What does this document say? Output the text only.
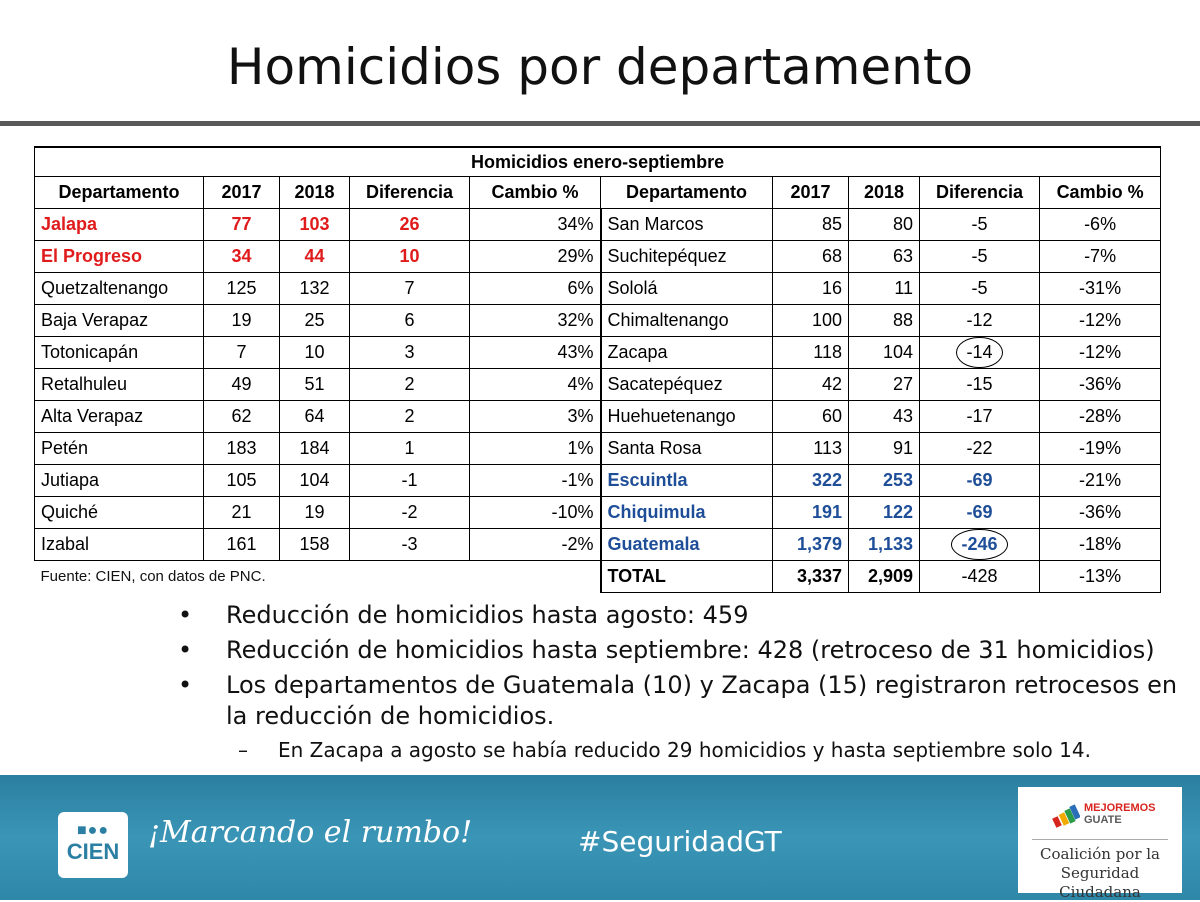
Homicidios por departamento
Homicidios enero-septiembre									
Departamento	2017	2018	Diferencia	Cambio %	Departamento	2017	2018	Diferencia	Cambio %
Jalapa	77	103	26	34%	San Marcos	85	80	-5	-6%
El Progreso	34	44	10	29%	Suchitepéquez	68	63	-5	-7%
Quetzaltenango	125	132	7	6%	Sololá	16	11	-5	-31%
Baja Verapaz	19	25	6	32%	Chimaltenango	100	88	-12	-12%
Totonicapán	7	10	3	43%	Zacapa	118	104	-14	-12%
Retalhuleu	49	51	2	4%	Sacatepéquez	42	27	-15	-36%
Alta Verapaz	62	64	2	3%	Huehuetenango	60	43	-17	-28%
Petén	183	184	1	1%	Santa Rosa	113	91	-22	-19%
Jutiapa	105	104	-1	-1%	Escuintla	322	253	-69	-21%
Quiché	21	19	-2	-10%	Chiquimula	191	122	-69	-36%
Izabal	161	158	-3	-2%	Guatemala	1,379	1,133	-246	-18%
Fuente: CIEN, con datos de PNC.					TOTAL	3,337	2,909	-428	-13%
• Reducción de homicidios hasta agosto: 459
• Reducción de homicidios hasta septiembre: 428 (retroceso de 31 homicidios)
• Los departamentos de Guatemala (10) y Zacapa (15) registraron retrocesos en la reducción de homicidios.
– En Zacapa a agosto se había reducido 29 homicidios y hasta septiembre solo 14.
■●●
CIEN
¡Marcando el rumbo!	#SeguridadGT
MEJOREMOS
GUATE
Coalición por la
Seguridad Ciudadana
